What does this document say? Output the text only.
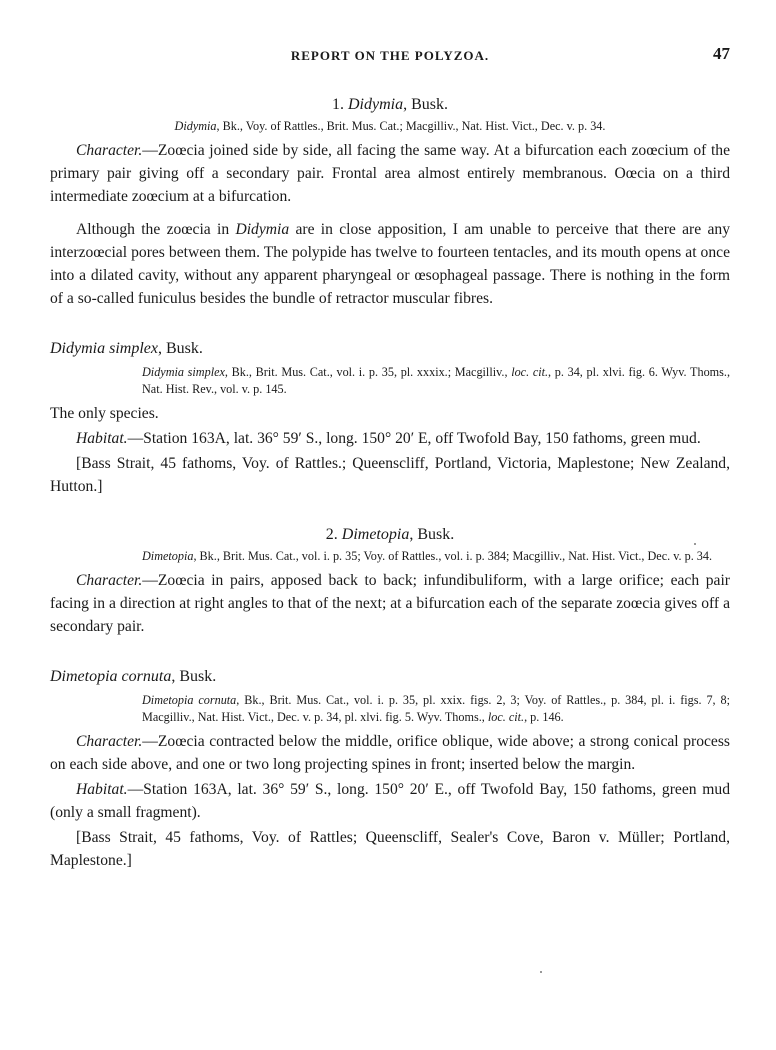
REPORT ON THE POLYZOA.	47
1. Didymia, Busk.

Didymia, Bk., Voy. of Rattles., Brit. Mus. Cat.; Macgilliv., Nat. Hist. Vict., Dec. v. p. 34.

Character.—Zoœcia joined side by side, all facing the same way. At a bifurcation each zoœcium of the primary pair giving off a secondary pair. Frontal area almost entirely membranous. Oœcia on a third intermediate zoœcium at a bifurcation.

Although the zoœcia in Didymia are in close apposition, I am unable to perceive that there are any interzoœcial pores between them. The polypide has twelve to fourteen tentacles, and its mouth opens at once into a dilated cavity, without any apparent pharyngeal or œsophageal passage. There is nothing in the form of a so-called funiculus besides the bundle of retractor muscular fibres.

Didymia simplex, Busk.

Didymia simplex, Bk., Brit. Mus. Cat., vol. i. p. 35, pl. xxxix.; Macgilliv., loc. cit., p. 34, pl. xlvi. fig. 6. Wyv. Thoms., Nat. Hist. Rev., vol. v. p. 145.

The only species.

Habitat.—Station 163A, lat. 36° 59′ S., long. 150° 20′ E, off Twofold Bay, 150 fathoms, green mud.

[Bass Strait, 45 fathoms, Voy. of Rattles.; Queenscliff, Portland, Victoria, Maplestone; New Zealand, Hutton.]

2. Dimetopia, Busk.

Dimetopia, Bk., Brit. Mus. Cat., vol. i. p. 35; Voy. of Rattles., vol. i. p. 384; Macgilliv., Nat. Hist. Vict., Dec. v. p. 34.

Character.—Zoœcia in pairs, apposed back to back; infundibuliform, with a large orifice; each pair facing in a direction at right angles to that of the next; at a bifurcation each of the separate zoœcia gives off a secondary pair.

Dimetopia cornuta, Busk.

Dimetopia cornuta, Bk., Brit. Mus. Cat., vol. i. p. 35, pl. xxix. figs. 2, 3; Voy. of Rattles., p. 384, pl. i. figs. 7, 8; Macgilliv., Nat. Hist. Vict., Dec. v. p. 34, pl. xlvi. fig. 5. Wyv. Thoms., loc. cit., p. 146.

Character.—Zoœcia contracted below the middle, orifice oblique, wide above; a strong conical process on each side above, and one or two long projecting spines in front; inserted below the margin.

Habitat.—Station 163A, lat. 36° 59′ S., long. 150° 20′ E., off Twofold Bay, 150 fathoms, green mud (only a small fragment).

[Bass Strait, 45 fathoms, Voy. of Rattles; Queenscliff, Sealer's Cove, Baron v. Müller; Portland, Maplestone.]
